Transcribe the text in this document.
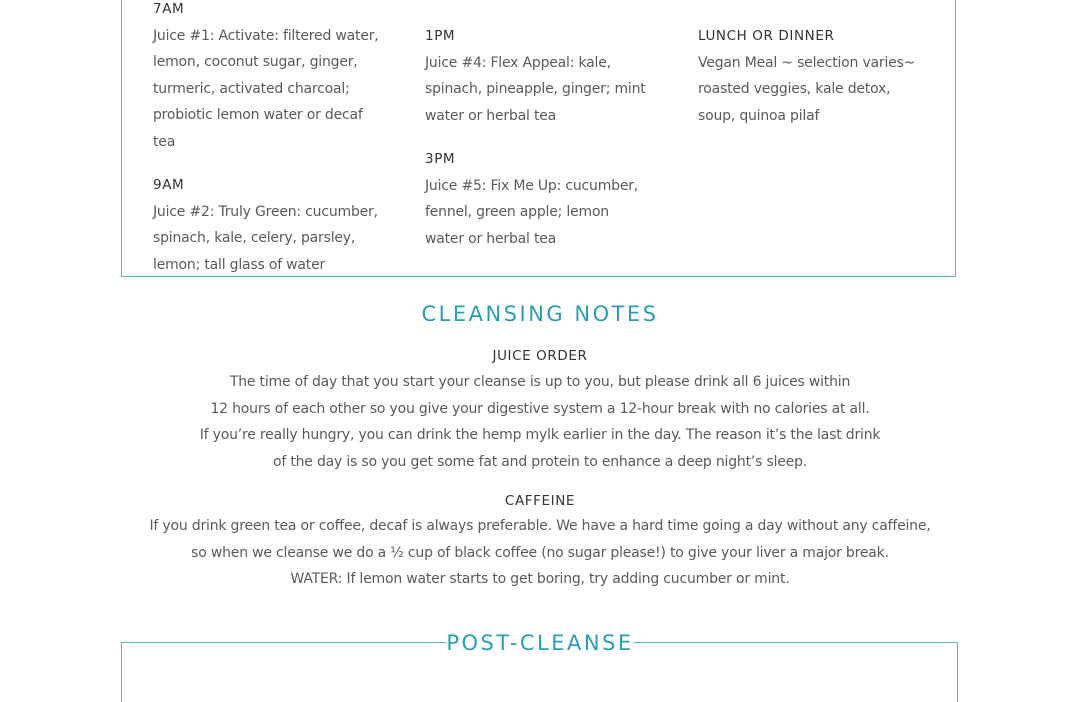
7AM
Juice #1: Activate: filtered water, lemon, coconut sugar, ginger, turmeric, activated charcoal; probiotic lemon water or decaf tea
9AM
Juice #2: Truly Green: cucumber, spinach, kale, celery, parsley, lemon; tall glass of water
1PM
Juice #4: Flex Appeal: kale, spinach, pineapple, ginger; mint water or herbal tea
3PM
Juice #5: Fix Me Up: cucumber, fennel, green apple; lemon water or herbal tea
LUNCH OR DINNER
Vegan Meal ~ selection varies~ roasted veggies, kale detox, soup, quinoa pilaf
CLEANSING NOTES
JUICE ORDER
The time of day that you start your cleanse is up to you, but please drink all 6 juices within
12 hours of each other so you give your digestive system a 12-hour break with no calories at all.
If you’re really hungry, you can drink the hemp mylk earlier in the day. The reason it’s the last drink
of the day is so you get some fat and protein to enhance a deep night’s sleep.
CAFFEINE
If you drink green tea or coffee, decaf is always preferable. We have a hard time going a day without any caffeine,
so when we cleanse we do a ½ cup of black coffee (no sugar please!) to give your liver a major break.
WATER: If lemon water starts to get boring, try adding cucumber or mint.
POST-CLEANSE
